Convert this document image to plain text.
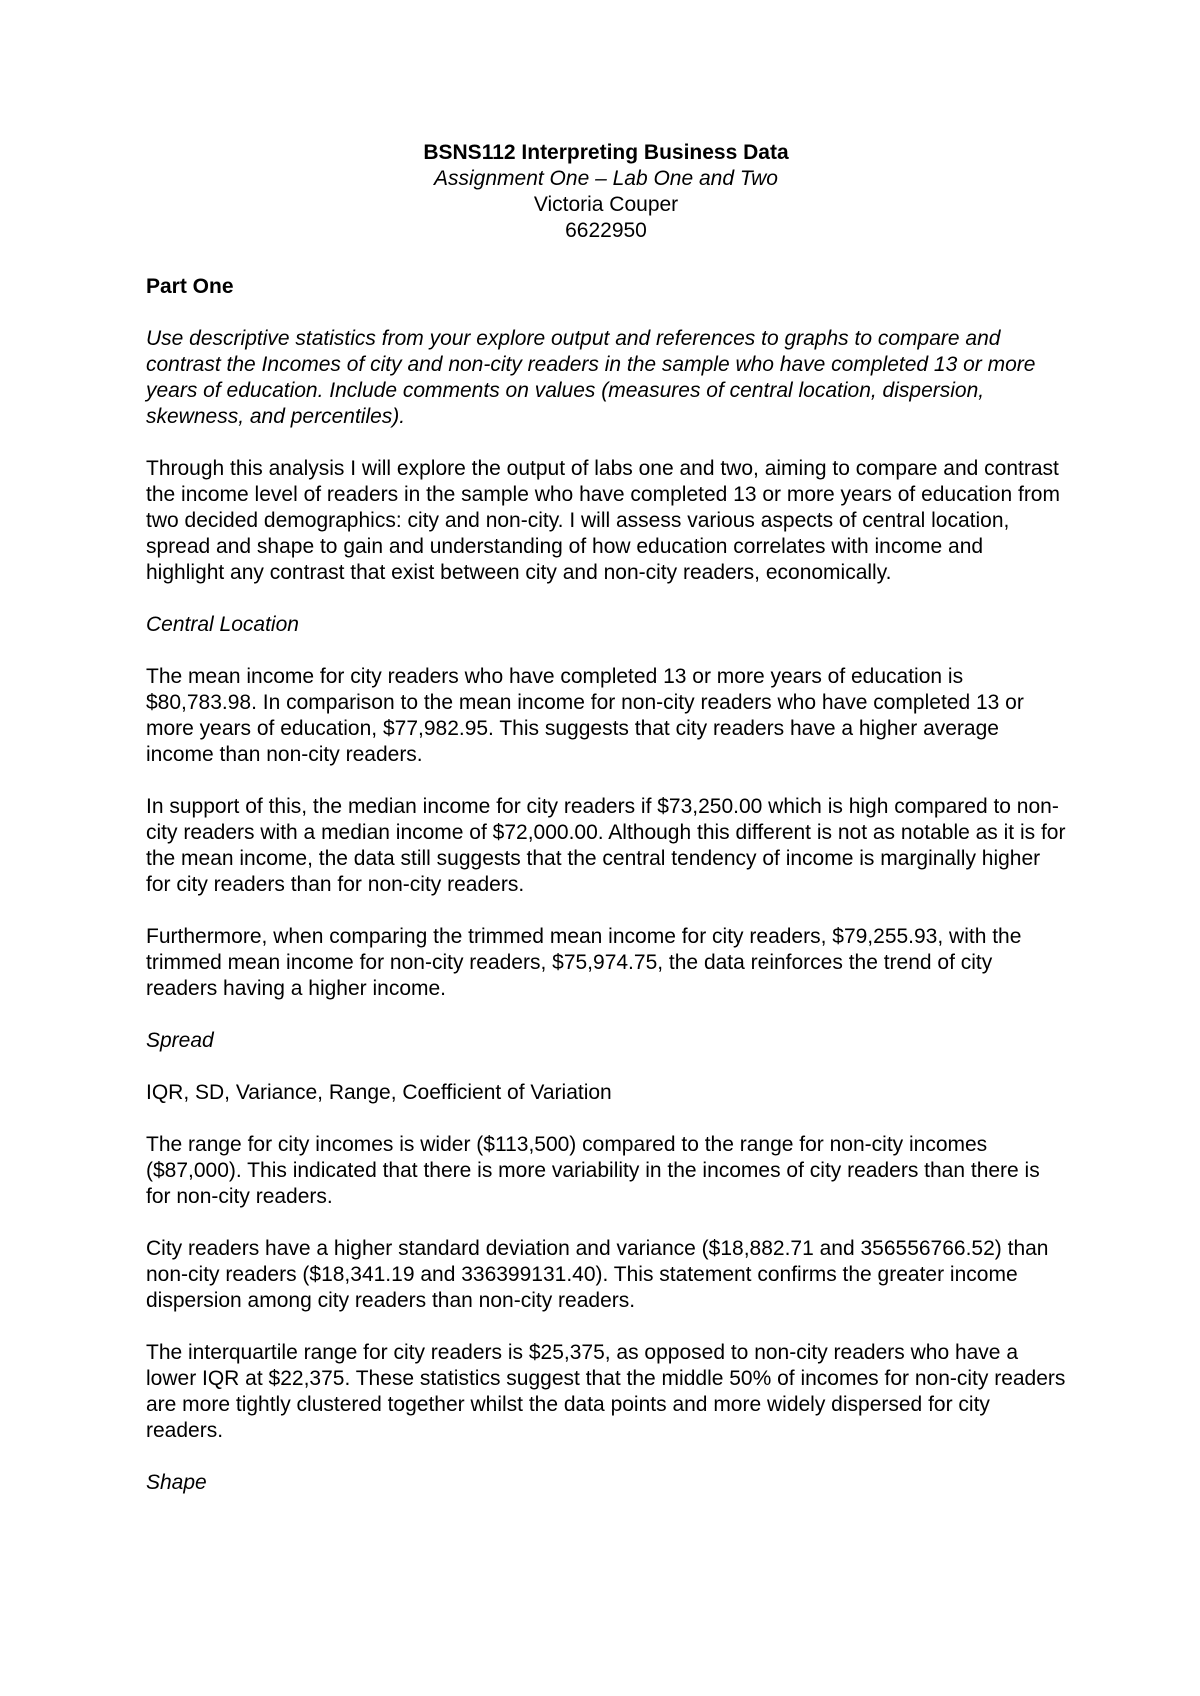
BSNS112 Interpreting Business Data
Assignment One – Lab One and Two
Victoria Couper
6622950
Part One
Use descriptive statistics from your explore output and references to graphs to compare and contrast the Incomes of city and non-city readers in the sample who have completed 13 or more years of education. Include comments on values (measures of central location, dispersion, skewness, and percentiles).

Through this analysis I will explore the output of labs one and two, aiming to compare and contrast the income level of readers in the sample who have completed 13 or more years of education from two decided demographics: city and non-city. I will assess various aspects of central location, spread and shape to gain and understanding of how education correlates with income and highlight any contrast that exist between city and non-city readers, economically.

Central Location

The mean income for city readers who have completed 13 or more years of education is $80,783.98. In comparison to the mean income for non-city readers who have completed 13 or more years of education, $77,982.95. This suggests that city readers have a higher average income than non-city readers.

In support of this, the median income for city readers if $73,250.00 which is high compared to non-city readers with a median income of $72,000.00. Although this different is not as notable as it is for the mean income, the data still suggests that the central tendency of income is marginally higher for city readers than for non-city readers.

Furthermore, when comparing the trimmed mean income for city readers, $79,255.93, with the trimmed mean income for non-city readers, $75,974.75, the data reinforces the trend of city readers having a higher income.

Spread

IQR, SD, Variance, Range, Coefficient of Variation

The range for city incomes is wider ($113,500) compared to the range for non-city incomes ($87,000). This indicated that there is more variability in the incomes of city readers than there is for non-city readers.

City readers have a higher standard deviation and variance ($18,882.71 and 356556766.52) than non-city readers ($18,341.19 and 336399131.40). This statement confirms the greater income dispersion among city readers than non-city readers.

The interquartile range for city readers is $25,375, as opposed to non-city readers who have a lower IQR at $22,375. These statistics suggest that the middle 50% of incomes for non-city readers are more tightly clustered together whilst the data points and more widely dispersed for city readers.

Shape
